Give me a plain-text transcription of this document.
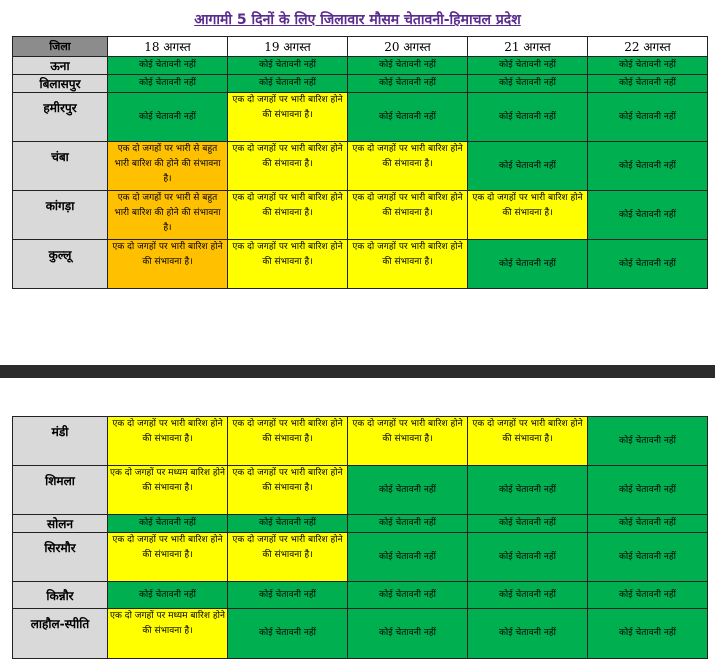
आगामी 5 दिनों के लिए जिलावार मौसम चेतावनी-हिमाचल प्रदेश
जिला	18 अगस्त	19 अगस्त	20 अगस्त	21 अगस्त	22 अगस्त
ऊना	कोई चेतावनी नहीं	कोई चेतावनी नहीं	कोई चेतावनी नहीं	कोई चेतावनी नहीं	कोई चेतावनी नहीं
बिलासपुर	कोई चेतावनी नहीं	कोई चेतावनी नहीं	कोई चेतावनी नहीं	कोई चेतावनी नहीं	कोई चेतावनी नहीं
हमीरपुर	कोई चेतावनी नहीं	एक दो जगहों पर भारी बारिश होने की संभावना है।	कोई चेतावनी नहीं	कोई चेतावनी नहीं	कोई चेतावनी नहीं
चंबा	एक दो जगहों पर भारी से बहुत भारी बारिश की होने की संभावना है।	एक दो जगहों पर भारी बारिश होने की संभावना है।	एक दो जगहों पर भारी बारिश होने की संभावना है।	कोई चेतावनी नहीं	कोई चेतावनी नहीं
कांगड़ा	एक दो जगहों पर भारी से बहुत भारी बारिश की होने की संभावना है।	एक दो जगहों पर भारी बारिश होने की संभावना है।	एक दो जगहों पर भारी बारिश होने की संभावना है।	एक दो जगहों पर भारी बारिश होने की संभावना है।	कोई चेतावनी नहीं
कुल्लू	एक दो जगहों पर भारी बारिश होने की संभावना है।	एक दो जगहों पर भारी बारिश होने की संभावना है।	एक दो जगहों पर भारी बारिश होने की संभावना है।	कोई चेतावनी नहीं	कोई चेतावनी नहीं
मंडी	एक दो जगहों पर भारी बारिश होने की संभावना है।	एक दो जगहों पर भारी बारिश होने की संभावना है।	एक दो जगहों पर भारी बारिश होने की संभावना है।	एक दो जगहों पर भारी बारिश होने की संभावना है।	कोई चेतावनी नहीं
शिमला	एक दो जगहों पर मध्यम बारिश होने की संभावना है।	एक दो जगहों पर भारी बारिश होने की संभावना है।	कोई चेतावनी नहीं	कोई चेतावनी नहीं	कोई चेतावनी नहीं
सोलन	कोई चेतावनी नहीं	कोई चेतावनी नहीं	कोई चेतावनी नहीं	कोई चेतावनी नहीं	कोई चेतावनी नहीं
सिरमौर	एक दो जगहों पर भारी बारिश होने की संभावना है।	एक दो जगहों पर भारी बारिश होने की संभावना है।	कोई चेतावनी नहीं	कोई चेतावनी नहीं	कोई चेतावनी नहीं
किन्नौर	कोई चेतावनी नहीं	कोई चेतावनी नहीं	कोई चेतावनी नहीं	कोई चेतावनी नहीं	कोई चेतावनी नहीं
लाहौल-स्पीति	एक दो जगहों पर मध्यम बारिश होने की संभावना है।	कोई चेतावनी नहीं	कोई चेतावनी नहीं	कोई चेतावनी नहीं	कोई चेतावनी नहीं
